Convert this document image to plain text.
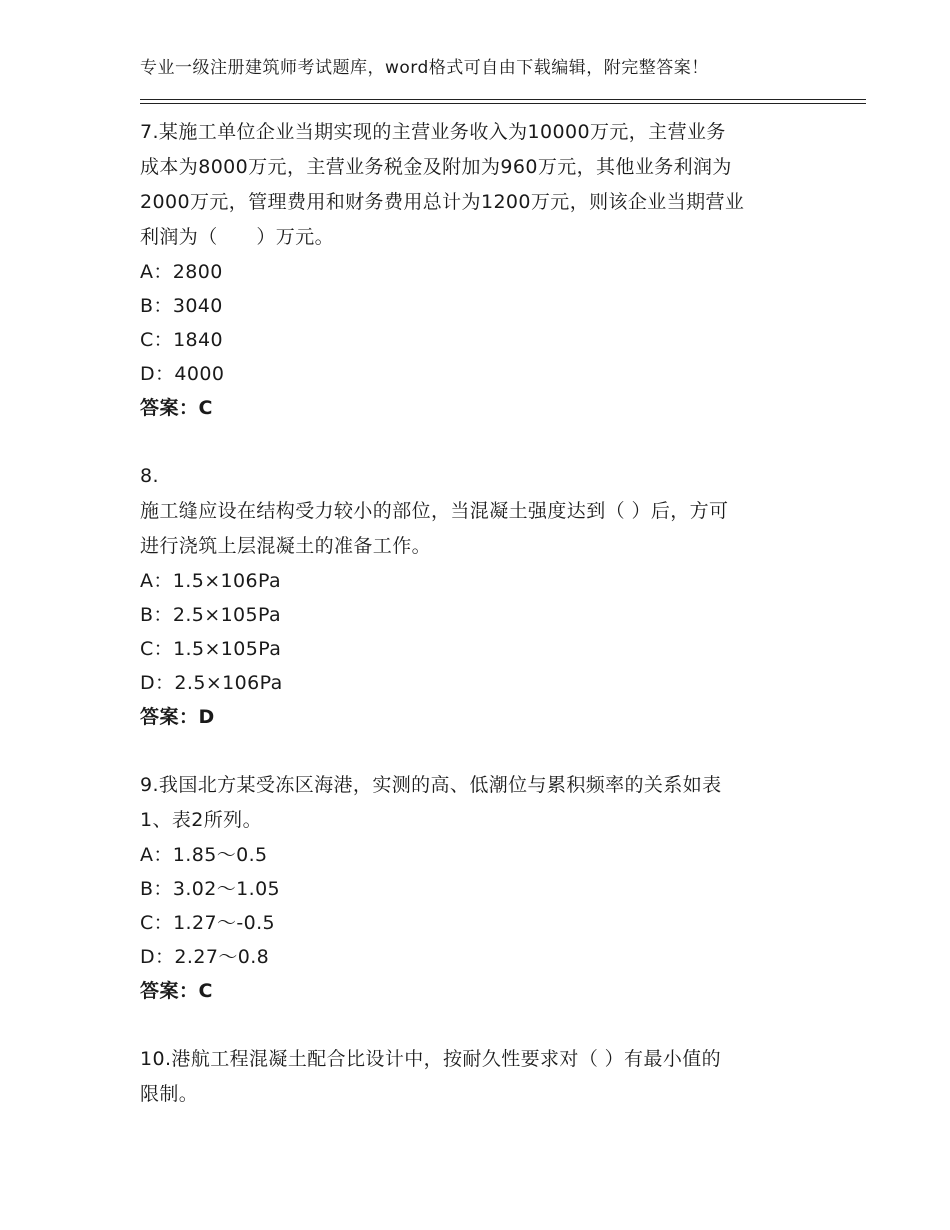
专业一级注册建筑师考试题库，word格式可自由下载编辑，附完整答案！

7.某施工单位企业当期实现的主营业务收入为10000万元，主营业务

成本为8000万元，主营业务税金及附加为960万元，其他业务利润为

2000万元，管理费用和财务费用总计为1200万元，则该企业当期营业

利润为（　　）万元。

A：2800

B：3040

C：1840

D：4000

答案：C

8.

施工缝应设在结构受力较小的部位，当混凝土强度达到（ ）后，方可

进行浇筑上层混凝土的准备工作。

A：1.5×106Pa

B：2.5×105Pa

C：1.5×105Pa

D：2.5×106Pa

答案：D

9.我国北方某受冻区海港，实测的高、低潮位与累积频率的关系如表

1、表2所列。

A：1.85～0.5

B：3.02～1.05

C：1.27～-0.5

D：2.27～0.8

答案：C

10.港航工程混凝土配合比设计中，按耐久性要求对（ ）有最小值的

限制。
